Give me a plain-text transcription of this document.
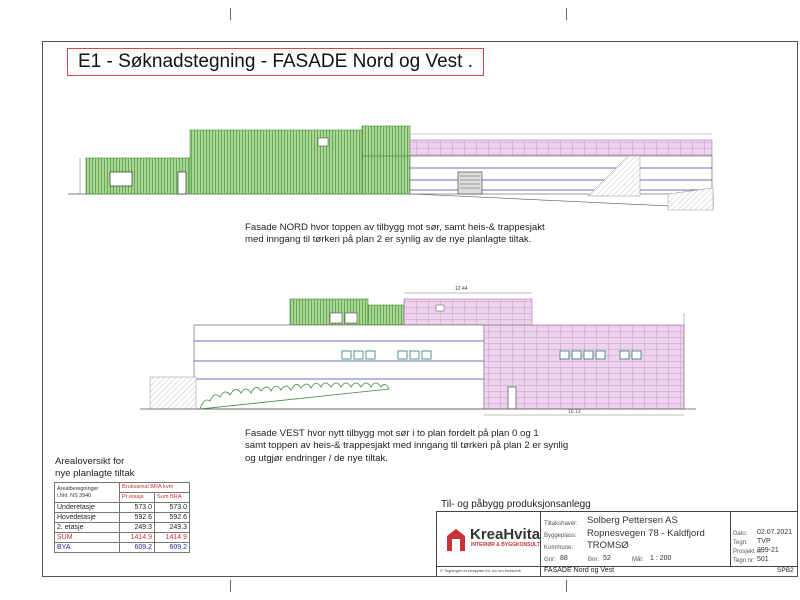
E1 - Søknadstegning - FASADE Nord og Vest .
Fasade NORD hvor toppen av tilbygg mot sør, samt heis-& trappesjakt
med inngang til tørkeri på plan 2 er synlig av de nye planlagte tiltak.
12.44
16.13
Fasade VEST hvor nytt tilbygg mot sør i to plan fordelt på plan 0 og 1
samt toppen av heis-& trappesjakt med inngang til tørkeri på plan 2 er synlig
og utgjør endringer / de nye tiltak.
Arealoversikt for
nye planlagte tiltak
Arealberegninger
i.hht. NS 3940	Bruksareal BRA kvm	
	Pr.etasje	Sum BRA
Underetasje	573.0	573.0
Hovedetasje	592.6	592.6
2. etasje	249.3	249.3
SUM	1414.9	1414.9
BYA	609.2	609.2
Til- og påbygg produksjonsanlegg
KreaHvita
INTERIØR & BYGGKONSULT
Tiltakshaver: Solberg Pettersen AS
Byggeplass: Ropnesvegen 78 - Kaldfjord
Kommune: TROMSØ
Gnr: 88	Bnr: 52	Mål: 1 : 200
Dato: 02.07.2021
Tegn: TVP
Prosjekt nr:
399-21
Tegn.nr: 501
FASADE Nord og Vest	SPB2
© Tegningen er beskyttet iht. lov om åndsverk
